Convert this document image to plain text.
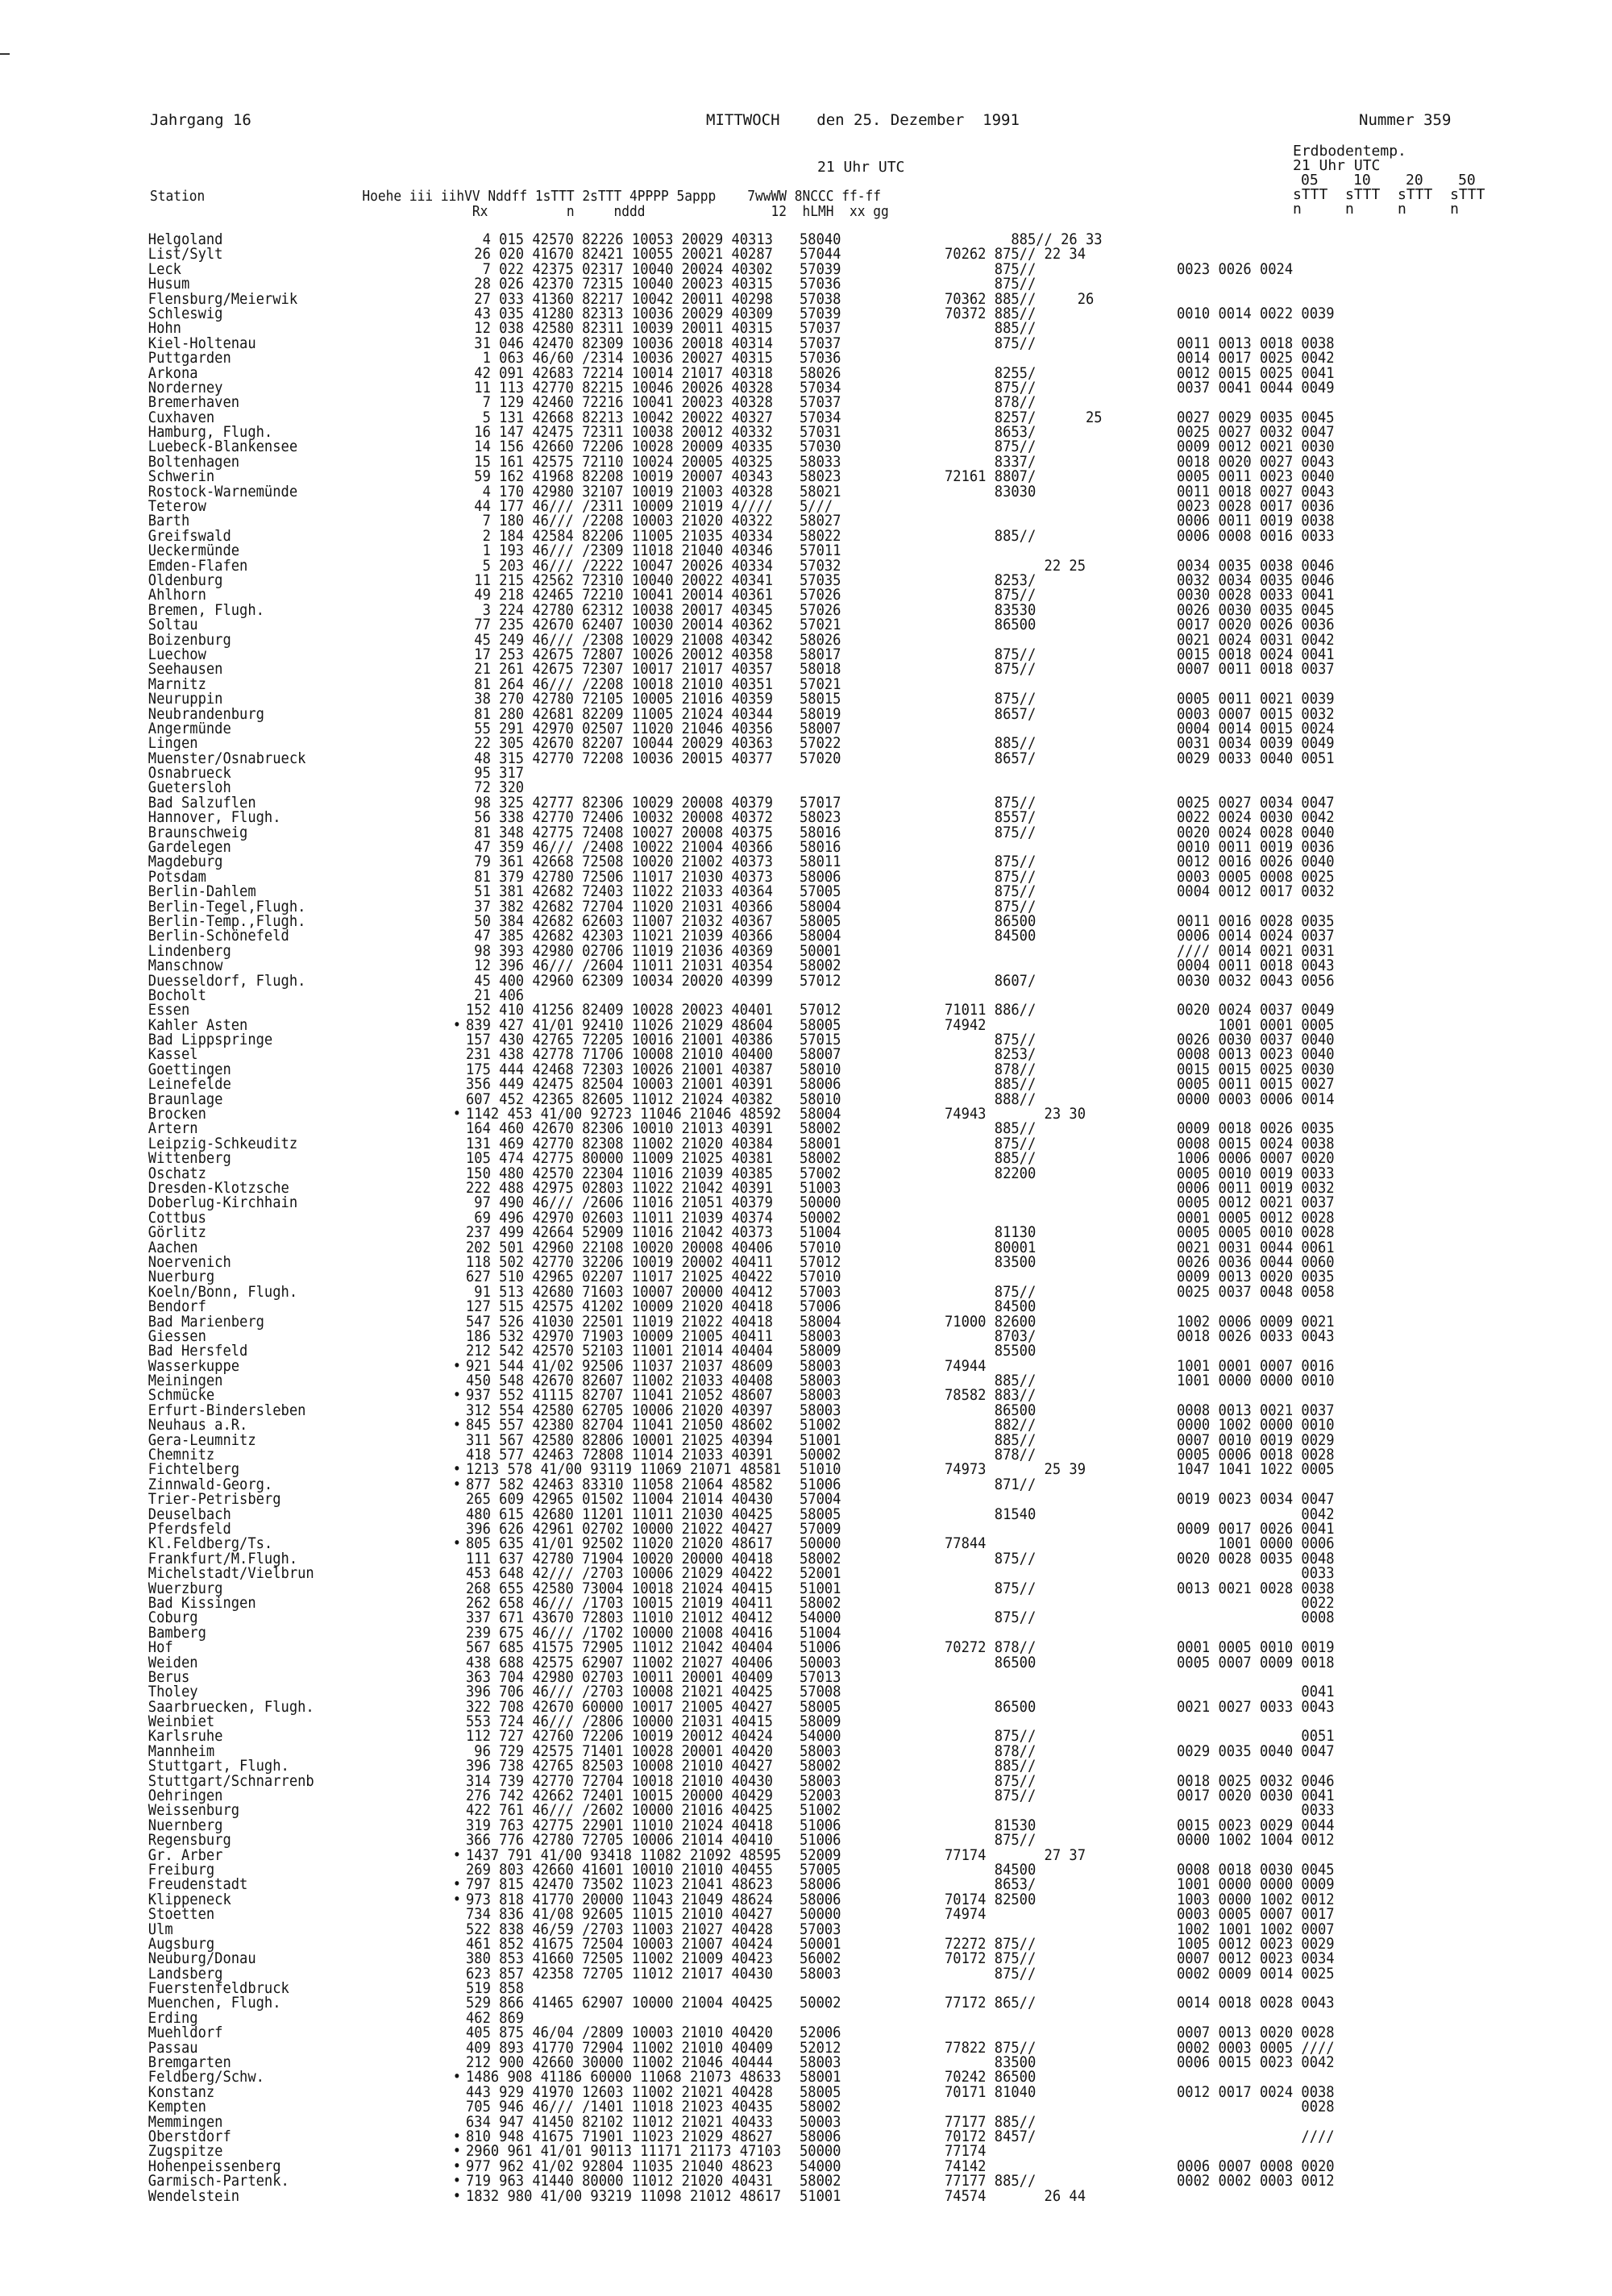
Jahrgang 16	MITTWOCH    den 25. Dezember  1991	Nummer 359
21 Uhr UTC
Station                    Hoehe iii iihVV Nddff 1sTTT 2sTTT 4PPPP 5appp    7wwWW 8NCCC ff-ff
Rx          n     nddd                12  hLMH  xx gg
Erdbodentemp.
21 Uhr UTC
05    10    20    50
sTTT  sTTT  sTTT  sTTT
n     n     n     n
Helgoland	4 015 42570 82226 10053 20029 40313 58040	885// 26 33
List/Sylt	26 020 41670 82421 10055 20021 40287 57044	70262 875// 22 34
Leck	7 022 42375 02317 10040 20024 40302 57039	875//	0023 0026 0024
Husum	28 026 42370 72315 10040 20023 40315 57036	875//
Flensburg/Meierwik	27 033 41360 82217 10042 20011 40298 57038	70362 885//     26
Schleswig	43 035 41280 82313 10036 20029 40309 57039	70372 885//	0010 0014 0022 0039
Hohn	12 038 42580 82311 10039 20011 40315 57037	885//
Kiel-Holtenau	31 046 42470 82309 10036 20018 40314 57037	875//	0011 0013 0018 0038
Puttgarden	1 063 46/60 /2314 10036 20027 40315 57036	0014 0017 0025 0042
Arkona	42 091 42683 72214 10014 21017 40318 58026	8255/	0012 0015 0025 0041
Norderney	11 113 42770 82215 10046 20026 40328 57034	875//	0037 0041 0044 0049
Bremerhaven	7 129 42460 72216 10041 20023 40328 57037	878//
Cuxhaven	5 131 42668 82213 10042 20022 40327 57034	8257/      25	0027 0029 0035 0045
Hamburg, Flugh.	16 147 42475 72311 10038 20012 40332 57031	8653/	0025 0027 0032 0047
Luebeck-Blankensee	14 156 42660 72206 10028 20009 40335 57030	875//	0009 0012 0021 0030
Boltenhagen	15 161 42575 72110 10024 20005 40325 58033	8337/	0018 0020 0027 0043
Schwerin	59 162 41968 82208 10019 20007 40343 58023	72161 8807/	0005 0011 0023 0040
Rostock-Warnemünde	4 170 42980 32107 10019 21003 40328 58021	83030	0011 0018 0027 0043
Teterow	44 177 46/// /2311 10009 21019 4//// 5///	0023 0028 0017 0036
Barth	7 180 46/// /2208 10003 21020 40322 58027	0006 0011 0019 0038
Greifswald	2 184 42584 82206 11005 21035 40334 58022	885//	0006 0008 0016 0033
Ueckermünde	1 193 46/// /2309 11018 21040 40346 57011
Emden-Flafen	5 203 46/// /2222 10047 20026 40334 57032	22 25	0034 0035 0038 0046
Oldenburg	11 215 42562 72310 10040 20022 40341 57035	8253/	0032 0034 0035 0046
Ahlhorn	49 218 42465 72210 10041 20014 40361 57026	875//	0030 0028 0033 0041
Bremen, Flugh.	3 224 42780 62312 10038 20017 40345 57026	83530	0026 0030 0035 0045
Soltau	77 235 42670 62407 10030 20014 40362 57021	86500	0017 0020 0026 0036
Boizenburg	45 249 46/// /2308 10029 21008 40342 58026	0021 0024 0031 0042
Luechow	17 253 42675 72807 10026 20012 40358 58017	875//	0015 0018 0024 0041
Seehausen	21 261 42675 72307 10017 21017 40357 58018	875//	0007 0011 0018 0037
Marnitz	81 264 46/// /2208 10018 21010 40351 57021
Neuruppin	38 270 42780 72105 10005 21016 40359 58015	875//	0005 0011 0021 0039
Neubrandenburg	81 280 42681 82209 11005 21024 40344 58019	8657/	0003 0007 0015 0032
Angermünde	55 291 42970 02507 11020 21046 40356 58007	0004 0014 0015 0024
Lingen	22 305 42670 82207 10044 20029 40363 57022	885//	0031 0034 0039 0049
Muenster/Osnabrueck	48 315 42770 72208 10036 20015 40377 57020	8657/	0029 0033 0040 0051
Osnabrueck	95 317
Guetersloh	72 320
Bad Salzuflen	98 325 42777 82306 10029 20008 40379 57017	875//	0025 0027 0034 0047
Hannover, Flugh.	56 338 42770 72406 10032 20008 40372 58023	8557/	0022 0024 0030 0042
Braunschweig	81 348 42775 72408 10027 20008 40375 58016	875//	0020 0024 0028 0040
Gardelegen	47 359 46/// /2408 10022 21004 40366 58016	0010 0011 0019 0036
Magdeburg	79 361 42668 72508 10020 21002 40373 58011	875//	0012 0016 0026 0040
Potsdam	81 379 42780 72506 11017 21030 40373 58006	875//	0003 0005 0008 0025
Berlin-Dahlem	51 381 42682 72403 11022 21033 40364 57005	875//	0004 0012 0017 0032
Berlin-Tegel,Flugh.	37 382 42682 72704 11020 21031 40366 58004	875//
Berlin-Temp.,Flugh.	50 384 42682 62603 11007 21032 40367 58005	86500	0011 0016 0028 0035
Berlin-Schönefeld	47 385 42682 42303 11021 21039 40366 58004	84500	0006 0014 0024 0037
Lindenberg	98 393 42980 02706 11019 21036 40369 50001	//// 0014 0021 0031
Manschnow	12 396 46/// /2604 11011 21031 40354 58002	0004 0011 0018 0043
Duesseldorf, Flugh.	45 400 42960 62309 10034 20020 40399 57012	8607/	0030 0032 0043 0056
Bocholt	21 406
Essen	152 410 41256 82409 10028 20023 40401 57012	71011 886//	0020 0024 0037 0049
Kahler Asten	• 839 427 41/01 92410 11026 21029 48604 58005	74942	1001 0001 0005
Bad Lippspringe	157 430 42765 72205 10016 21001 40386 57015	875//	0026 0030 0037 0040
Kassel	231 438 42778 71706 10008 21010 40400 58007	8253/	0008 0013 0023 0040
Goettingen	175 444 42468 72303 10026 21001 40387 58010	878//	0015 0015 0025 0030
Leinefelde	356 449 42475 82504 10003 21001 40391 58006	885//	0005 0011 0015 0027
Braunlage	607 452 42365 82605 11012 21024 40382 58010	888//	0000 0003 0006 0014
Brocken	• 1142 453 41/00 92723 11046 21046 48592 58004	74943       23 30
Artern	164 460 42670 82306 10010 21013 40391 58002	885//	0009 0018 0026 0035
Leipzig-Schkeuditz	131 469 42770 82308 11002 21020 40384 58001	875//	0008 0015 0024 0038
Wittenberg	105 474 42775 80000 11009 21025 40381 58002	885//	1006 0006 0007 0020
Oschatz	150 480 42570 22304 11016 21039 40385 57002	82200	0005 0010 0019 0033
Dresden-Klotzsche	222 488 42975 02803 11022 21042 40391 51003	0006 0011 0019 0032
Doberlug-Kirchhain	97 490 46/// /2606 11016 21051 40379 50000	0005 0012 0021 0037
Cottbus	69 496 42970 02603 11011 21039 40374 50002	0001 0005 0012 0028
Görlitz	237 499 42664 52909 11016 21042 40373 51004	81130	0005 0005 0010 0028
Aachen	202 501 42960 22108 10020 20008 40406 57010	80001	0021 0031 0044 0061
Noervenich	118 502 42770 32206 10019 20002 40411 57012	83500	0026 0036 0044 0060
Nuerburg	627 510 42965 02207 11017 21025 40422 57010	0009 0013 0020 0035
Koeln/Bonn, Flugh.	91 513 42680 71603 10007 20000 40412 57003	875//	0025 0037 0048 0058
Bendorf	127 515 42575 41202 10009 21020 40418 57006	84500
Bad Marienberg	547 526 41030 22501 11019 21022 40418 58004	71000 82600	1002 0006 0009 0021
Giessen	186 532 42970 71903 10009 21005 40411 58003	8703/	0018 0026 0033 0043
Bad Hersfeld	212 542 42570 52103 11001 21014 40404 58009	85500
Wasserkuppe	• 921 544 41/02 92506 11037 21037 48609 58003	74944	1001 0001 0007 0016
Meiningen	450 548 42670 82607 11002 21033 40408 58003	885//	1001 0000 0000 0010
Schmücke	• 937 552 41115 82707 11041 21052 48607 58003	78582 883//
Erfurt-Bindersleben	312 554 42580 62705 10006 21020 40397 58003	86500	0008 0013 0021 0037
Neuhaus a.R.	• 845 557 42380 82704 11041 21050 48602 51002	882//	0000 1002 0000 0010
Gera-Leumnitz	311 567 42580 82806 10001 21025 40394 51001	885//	0007 0010 0019 0029
Chemnitz	418 577 42463 72808 11014 21033 40391 50002	878//	0005 0006 0018 0028
Fichtelberg	• 1213 578 41/00 93119 11069 21071 48581 51010	74973       25 39	1047 1041 1022 0005
Zinnwald-Georg.	• 877 582 42463 83310 11058 21064 48582 51006	871//
Trier-Petrisberg	265 609 42965 01502 11004 21014 40430 57004	0019 0023 0034 0047
Deuselbach	480 615 42680 11201 11011 21030 40425 58005	81540	0042
Pferdsfeld	396 626 42961 02702 10000 21022 40427 57009	0009 0017 0026 0041
Kl.Feldberg/Ts.	• 805 635 41/01 92502 11020 21020 48617 50000	77844	1001 0000 0006
Frankfurt/M.Flugh.	111 637 42780 71904 10020 20000 40418 58002	875//	0020 0028 0035 0048
Michelstadt/Vielbrun	453 648 42/// /2703 10006 21029 40422 52001	0033
Wuerzburg	268 655 42580 73004 10018 21024 40415 51001	875//	0013 0021 0028 0038
Bad Kissingen	262 658 46/// /1703 10015 21019 40411 58002	0022
Coburg	337 671 43670 72803 11010 21012 40412 54000	875//	0008
Bamberg	239 675 46/// /1702 10000 21008 40416 51004
Hof	567 685 41575 72905 11012 21042 40404 51006	70272 878//	0001 0005 0010 0019
Weiden	438 688 42575 62907 11002 21027 40406 50003	86500	0005 0007 0009 0018
Berus	363 704 42980 02703 10011 20001 40409 57013
Tholey	396 706 46/// /2703 10008 21021 40425 57008	0041
Saarbruecken, Flugh.	322 708 42670 60000 10017 21005 40427 58005	86500	0021 0027 0033 0043
Weinbiet	553 724 46/// /2806 10000 21031 40415 58009
Karlsruhe	112 727 42760 72206 10019 20012 40424 54000	875//	0051
Mannheim	96 729 42575 71401 10028 20001 40420 58003	878//	0029 0035 0040 0047
Stuttgart, Flugh.	396 738 42765 82503 10008 21010 40427 58002	885//
Stuttgart/Schnarrenb	314 739 42770 72704 10018 21010 40430 58003	875//	0018 0025 0032 0046
Oehringen	276 742 42662 72401 10015 20000 40429 52003	875//	0017 0020 0030 0041
Weissenburg	422 761 46/// /2602 10000 21016 40425 51002	0033
Nuernberg	319 763 42775 22901 11010 21024 40418 51006	81530	0015 0023 0029 0044
Regensburg	366 776 42780 72705 10006 21014 40410 51006	875//	0000 1002 1004 0012
Gr. Arber	• 1437 791 41/00 93418 11082 21092 48595 52009	77174       27 37
Freiburg	269 803 42660 41601 10010 21010 40455 57005	84500	0008 0018 0030 0045
Freudenstadt	• 797 815 42470 73502 11023 21041 48623 58006	8653/	1001 0000 0000 0009
Klippeneck	• 973 818 41770 20000 11043 21049 48624 58006	70174 82500	1003 0000 1002 0012
Stoetten	734 836 41/08 92605 11015 21010 40427 50000	74974	0003 0005 0007 0017
Ulm	522 838 46/59 /2703 11003 21027 40428 57003	1002 1001 1002 0007
Augsburg	461 852 41675 72504 10003 21007 40424 50001	72272 875//	1005 0012 0023 0029
Neuburg/Donau	380 853 41660 72505 11002 21009 40423 56002	70172 875//	0007 0012 0023 0034
Landsberg	623 857 42358 72705 11012 21017 40430 58003	875//	0002 0009 0014 0025
Fuerstenfeldbruck	519 858
Muenchen, Flugh.	529 866 41465 62907 10000 21004 40425 50002	77172 865//	0014 0018 0028 0043
Erding	462 869
Muehldorf	405 875 46/04 /2809 10003 21010 40420 52006	0007 0013 0020 0028
Passau	409 893 41770 72904 11002 21010 40409 52012	77822 875//	0002 0003 0005 ////
Bremgarten	212 900 42660 30000 11002 21046 40444 58003	83500	0006 0015 0023 0042
Feldberg/Schw.	• 1486 908 41186 60000 11068 21073 48633 58001	70242 86500
Konstanz	443 929 41970 12603 11002 21021 40428 58005	70171 81040	0012 0017 0024 0038
Kempten	705 946 46/// /1401 11018 21023 40435 58002	0028
Memmingen	634 947 41450 82102 11012 21021 40433 50003	77177 885//
Oberstdorf	• 810 948 41675 71901 11023 21029 48627 58006	70172 8457/	////
Zugspitze	• 2960 961 41/01 90113 11171 21173 47103 50000	77174
Hohenpeissenberg	• 977 962 41/02 92804 11035 21040 48623 54000	74142	0006 0007 0008 0020
Garmisch-Partenk.	• 719 963 41440 80000 11012 21020 40431 58002	77177 885//	0002 0002 0003 0012
Wendelstein	• 1832 980 41/00 93219 11098 21012 48617 51001	74574       26 44
